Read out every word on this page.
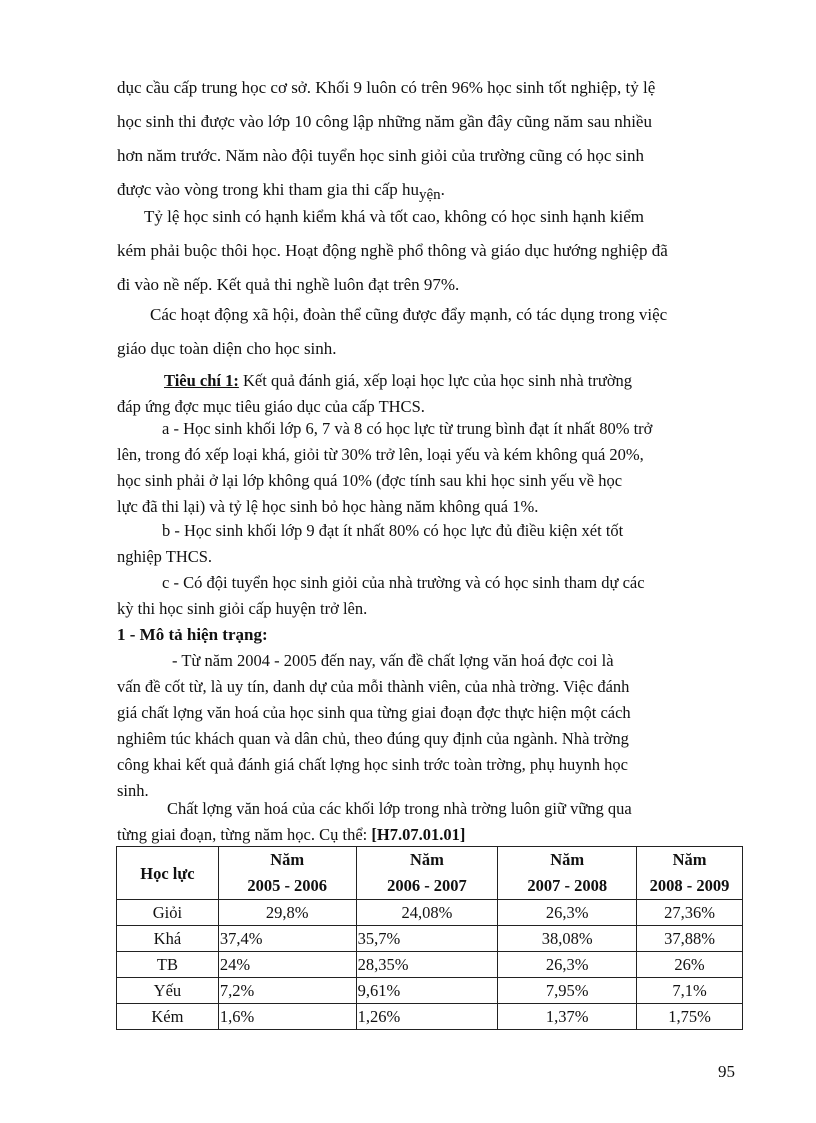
dục cầu cấp trung học cơ sở. Khối 9 luôn có trên 96% học sinh tốt nghiệp, tỷ lệ
học sinh thi được vào lớp 10 công lập những năm gần đây cũng năm sau nhiều
hơn năm trước. Năm nào đội tuyển học sinh giỏi của trường cũng có học sinh
được vào vòng trong khi tham gia thi cấp huyện.
Tỷ lệ học sinh có hạnh kiểm khá và tốt cao, không có học sinh hạnh kiểm
kém phải buộc thôi học. Hoạt động nghề phổ thông và giáo dục hướng nghiệp đã
đi vào nề nếp. Kết quả thi nghề luôn đạt trên 97%.
Các hoạt động xã hội, đoàn thể cũng được đẩy mạnh, có tác dụng trong việc
giáo dục toàn diện cho học sinh.
Tiêu chí 1: Kết quả đánh giá, xếp loại học lực của học sinh nhà trường
đáp ứng đợc mục tiêu giáo dục của cấp THCS.
a - Học sinh khối lớp 6, 7 và 8 có học lực từ trung bình đạt ít nhất 80% trở
lên, trong đó xếp loại khá, giỏi từ 30% trở lên, loại yếu và kém không quá 20%,
học sinh phải ở lại lớp không quá 10% (đợc tính sau khi học sinh yếu về học
lực đã thi lại) và tỷ lệ học sinh bỏ học hàng năm không quá 1%.
b - Học sinh khối lớp 9 đạt ít nhất 80% có học lực đủ điều kiện xét tốt
nghiệp THCS.
c - Có đội tuyển học sinh giỏi của nhà trường và có học sinh tham dự các
kỳ thi học sinh giỏi cấp huyện trở lên.
1 - Mô tả hiện trạng:
- Từ năm 2004 - 2005 đến nay, vấn đề chất lợng văn hoá đợc coi là
vấn đề cốt từ, là uy tín, danh dự của mỗi thành viên, của nhà trờng. Việc đánh
giá chất lợng văn hoá của học sinh qua từng giai đoạn đợc thực hiện một cách
nghiêm túc khách quan và dân chủ, theo đúng quy định của ngành. Nhà trờng
công khai kết quả đánh giá chất lợng học sinh trớc toàn trờng, phụ huynh học
sinh.
Chất lợng văn hoá của các khối lớp trong nhà trờng luôn giữ vững qua
từng giai đoạn, từng năm học. Cụ thể: [H7.07.01.01]
Học lực	Năm	Năm	Năm	Năm
	2005 - 2006	2006 - 2007	2007 - 2008	2008 - 2009
Giỏi	29,8%	24,08%	26,3%	27,36%
Khá	37,4%	35,7%	38,08%	37,88%
TB	24%	28,35%	26,3%	26%
Yếu	7,2%	9,61%	7,95%	7,1%
Kém	1,6%	1,26%	1,37%	1,75%
95
